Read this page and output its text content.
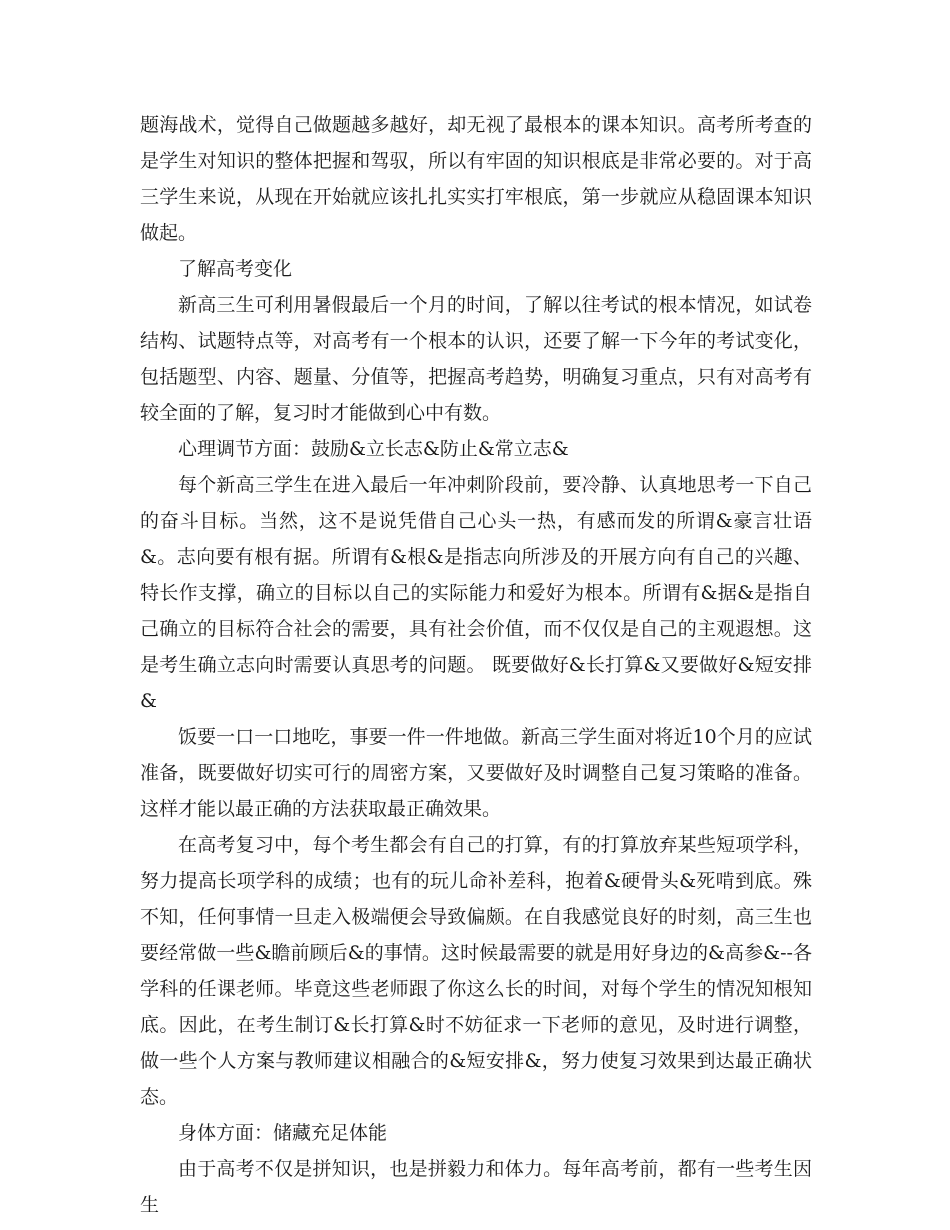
题海战术，觉得自己做题越多越好，却无视了最根本的课本知识。高考所考查的是学生对知识的整体把握和驾驭，所以有牢固的知识根底是非常必要的。对于高三学生来说，从现在开始就应该扎扎实实打牢根底，第一步就应从稳固课本知识做起。

了解高考变化

新高三生可利用暑假最后一个月的时间，了解以往考试的根本情况，如试卷结构、试题特点等，对高考有一个根本的认识，还要了解一下今年的考试变化，包括题型、内容、题量、分值等，把握高考趋势，明确复习重点，只有对高考有较全面的了解，复习时才能做到心中有数。

心理调节方面：鼓励&立长志&防止&常立志&

每个新高三学生在进入最后一年冲刺阶段前，要冷静、认真地思考一下自己的奋斗目标。当然，这不是说凭借自己心头一热，有感而发的所谓&豪言壮语&。志向要有根有据。所谓有&根&是指志向所涉及的开展方向有自己的兴趣、特长作支撑，确立的目标以自己的实际能力和爱好为根本。所谓有&据&是指自己确立的目标符合社会的需要，具有社会价值，而不仅仅是自己的主观遐想。这是考生确立志向时需要认真思考的问题。 既要做好&长打算&又要做好&短安排&

饭要一口一口地吃，事要一件一件地做。新高三学生面对将近10个月的应试准备，既要做好切实可行的周密方案，又要做好及时调整自己复习策略的准备。这样才能以最正确的方法获取最正确效果。

在高考复习中，每个考生都会有自己的打算，有的打算放弃某些短项学科，努力提高长项学科的成绩；也有的玩儿命补差科，抱着&硬骨头&死啃到底。殊不知，任何事情一旦走入极端便会导致偏颇。在自我感觉良好的时刻，高三生也要经常做一些&瞻前顾后&的事情。这时候最需要的就是用好身边的&高参&--各学科的任课老师。毕竟这些老师跟了你这么长的时间，对每个学生的情况知根知底。因此，在考生制订&长打算&时不妨征求一下老师的意见，及时进行调整，做一些个人方案与教师建议相融合的&短安排&，努力使复习效果到达最正确状态。

身体方面：储藏充足体能

由于高考不仅是拼知识，也是拼毅力和体力。每年高考前，都有一些考生因生
